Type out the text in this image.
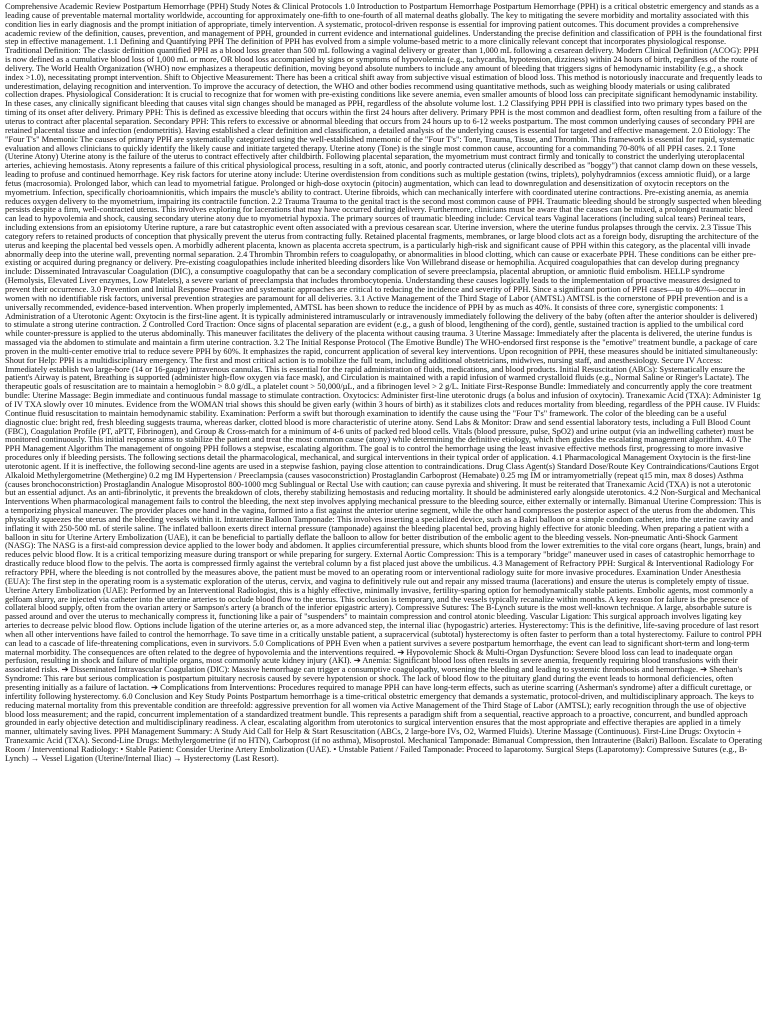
Comprehensive Academic Review Postpartum Hemorrhage (PPH) Study Notes & Clinical Protocols 1.0 Introduction to Postpartum Hemorrhage Postpartum Hemorrhage (PPH) is a critical obstetric emergency and stands as a leading cause of preventable maternal mortality worldwide, accounting for approximately one-fifth to one-fourth of all maternal deaths globally. The key to mitigating the severe morbidity and mortality associated with this condition lies in early diagnosis and the prompt initiation of appropriate, timely intervention. A systematic, protocol-driven response is essential for improving patient outcomes. This document provides a comprehensive academic review of the definition, causes, prevention, and management of PPH, grounded in current evidence and international guidelines. Understanding the precise definition and classification of PPH is the foundational first step in effective management. 1.1 Defining and Quantifying PPH The definition of PPH has evolved from a simple volume-based metric to a more clinically relevant concept that incorporates physiological response. Traditional Definition: The classic definition quantified PPH as a blood loss greater than 500 mL following a vaginal delivery or greater than 1,000 mL following a cesarean delivery. Modern Clinical Definition (ACOG): PPH is now defined as a cumulative blood loss of 1,000 mL or more, OR blood loss accompanied by signs or symptoms of hypovolemia (e.g., tachycardia, hypotension, dizziness) within 24 hours of birth, regardless of the route of delivery. The World Health Organization (WHO) now emphasizes a therapeutic definition, moving beyond absolute numbers to include any amount of bleeding that triggers signs of hemodynamic instability (e.g., a shock index >1.0), necessitating prompt intervention. Shift to Objective Measurement: There has been a critical shift away from subjective visual estimation of blood loss. This method is notoriously inaccurate and frequently leads to underestimation, delaying recognition and intervention. To improve the accuracy of detection, the WHO and other bodies recommend using quantitative methods, such as weighing bloody materials or using calibrated collection drapes. Physiological Consideration: It is crucial to recognize that for women with pre-existing conditions like severe anemia, even smaller amounts of blood loss can precipitate significant hemodynamic instability. In these cases, any clinically significant bleeding that causes vital sign changes should be managed as PPH, regardless of the absolute volume lost. 1.2 Classifying PPH PPH is classified into two primary types based on the timing of its onset after delivery. Primary PPH: This is defined as excessive bleeding that occurs within the first 24 hours after delivery. Primary PPH is the most common and deadliest form, often resulting from a failure of the uterus to contract after placental separation. Secondary PPH: This refers to excessive or abnormal bleeding that occurs from 24 hours up to 6-12 weeks postpartum. The most common underlying causes of secondary PPH are retained placental tissue and infection (endometritis). Having established a clear definition and classification, a detailed analysis of the underlying causes is essential for targeted and effective management. 2.0 Etiology: The "Four T's" Mnemonic The causes of primary PPH are systematically categorized using the well-established mnemonic of the "Four T's": Tone, Trauma, Tissue, and Thrombin. This framework is essential for rapid, systematic evaluation and allows clinicians to quickly identify the likely cause and initiate targeted therapy. Uterine atony (Tone) is the single most common cause, accounting for a commanding 70-80% of all PPH cases. 2.1 Tone (Uterine Atony) Uterine atony is the failure of the uterus to contract effectively after childbirth. Following placental separation, the myometrium must contract firmly and tonically to constrict the underlying uteroplacental arteries, achieving hemostasis. Atony represents a failure of this critical physiological process, resulting in a soft, atonic, and poorly contracted uterus (clinically described as "boggy") that cannot clamp down on these vessels, leading to profuse and continued hemorrhage. Key risk factors for uterine atony include: Uterine overdistension from conditions such as multiple gestation (twins, triplets), polyhydramnios (excess amniotic fluid), or a large fetus (macrosomia). Prolonged labor, which can lead to myometrial fatigue. Prolonged or high-dose oxytocin (pitocin) augmentation, which can lead to downregulation and desensitization of oxytocin receptors on the myometrium. Infection, specifically chorioamnionitis, which impairs the muscle's ability to contract. Uterine fibroids, which can mechanically interfere with coordinated uterine contractions. Pre-existing anemia, as anemia reduces oxygen delivery to the myometrium, impairing its contractile function. 2.2 Trauma Trauma to the genital tract is the second most common cause of PPH. Traumatic bleeding should be strongly suspected when bleeding persists despite a firm, well-contracted uterus. This involves exploring for lacerations that may have occurred during delivery. Furthermore, clinicians must be aware that the causes can be mixed, a prolonged traumatic bleed can lead to hypovolemia and shock, causing secondary uterine atony due to myometrial hypoxia. The primary sources of traumatic bleeding include: Cervical tears Vaginal lacerations (including sulcal tears) Perineal tears, including extensions from an episiotomy Uterine rupture, a rare but catastrophic event often associated with a previous cesarean scar. Uterine inversion, where the uterine fundus prolapses through the cervix. 2.3 Tissue This category refers to retained products of conception that physically prevent the uterus from contracting fully. Retained placental fragments, membranes, or large blood clots act as a foreign body, disrupting the architecture of the uterus and keeping the placental bed vessels open. A morbidly adherent placenta, known as placenta accreta spectrum, is a particularly high-risk and significant cause of PPH within this category, as the placental villi invade abnormally deep into the uterine wall, preventing normal separation. 2.4 Thrombin Thrombin refers to coagulopathy, or abnormalities in blood clotting, which can cause or exacerbate PPH. These conditions can be either pre-existing or acquired during pregnancy or delivery. Pre-existing coagulopathies include inherited bleeding disorders like Von Willebrand disease or hemophilia. Acquired coagulopathies that can develop during pregnancy include: Disseminated Intravascular Coagulation (DIC), a consumptive coagulopathy that can be a secondary complication of severe preeclampsia, placental abruption, or amniotic fluid embolism. HELLP syndrome (Hemolysis, Elevated Liver enzymes, Low Platelets), a severe variant of preeclampsia that includes thrombocytopenia. Understanding these causes logically leads to the implementation of proactive measures designed to prevent their occurrence. 3.0 Prevention and Initial Response Proactive and systematic approaches are critical to reducing the incidence and severity of PPH. Since a significant portion of PPH cases—up to 40%—occur in women with no identifiable risk factors, universal prevention strategies are paramount for all deliveries. 3.1 Active Management of the Third Stage of Labor (AMTSL) AMTSL is the cornerstone of PPH prevention and is a universally recommended, evidence-based intervention. When properly implemented, AMTSL has been shown to reduce the incidence of PPH by as much as 40%. It consists of three core, synergistic components: 1 Administration of a Uterotonic Agent: Oxytocin is the first-line agent. It is typically administered intramuscularly or intravenously immediately following the delivery of the baby (often after the anterior shoulder is delivered) to stimulate a strong uterine contraction. 2 Controlled Cord Traction: Once signs of placental separation are evident (e.g., a gush of blood, lengthening of the cord), gentle, sustained traction is applied to the umbilical cord while counter-pressure is applied to the uterus abdominally. This maneuver facilitates the delivery of the placenta without causing trauma. 3 Uterine Massage: Immediately after the placenta is delivered, the uterine fundus is massaged via the abdomen to stimulate and maintain a firm uterine contraction. 3.2 The Initial Response Protocol (The Emotive Bundle) The WHO-endorsed first response is the "emotive" treatment bundle, a package of care proven in the multi-center emotive trial to reduce severe PPH by 60%. It emphasizes the rapid, concurrent application of several key interventions. Upon recognition of PPH, these measures should be initiated simultaneously: Shout for Help: PPH is a multidisciplinary emergency. The first and most critical action is to mobilize the full team, including additional obstetricians, midwives, nursing staff, and anesthesiology. Secure IV Access: Immediately establish two large-bore (14 or 16-gauge) intravenous cannulas. This is essential for the rapid administration of fluids, medications, and blood products. Initial Resuscitation (ABCs): Systematically ensure the patient's Airway is patent, Breathing is supported (administer high-flow oxygen via face mask), and Circulation is maintained with a rapid infusion of warmed crystalloid fluids (e.g., Normal Saline or Ringer's Lactate). The therapeutic goals of resuscitation are to maintain a hemoglobin > 8.0 g/dL, a platelet count > 50,000/µL, and a fibrinogen level > 2 g/L. Initiate First-Response Bundle: Immediately and concurrently apply the core treatment bundle: Uterine Massage: Begin immediate and continuous fundal massage to stimulate contraction. Oxytocics: Administer first-line uterotonic drugs (a bolus and infusion of oxytocin). Tranexamic Acid (TXA): Administer 1g of IV TXA slowly over 10 minutes. Evidence from the WOMAN trial shows this should be given early (within 3 hours of birth) as it stabilizes clots and reduces mortality from bleeding, regardless of the PPH cause. IV Fluids: Continue fluid resuscitation to maintain hemodynamic stability. Examination: Perform a swift but thorough examination to identify the cause using the "Four T's" framework. The color of the bleeding can be a useful diagnostic clue: bright red, fresh bleeding suggests trauma, whereas darker, clotted blood is more characteristic of uterine atony. Send Labs & Monitor: Draw and send essential laboratory tests, including a Full Blood Count (FBC), Coagulation Profile (PT, aPTT, Fibrinogen), and Group & Cross-match for a minimum of 4-6 units of packed red blood cells. Vitals (blood pressure, pulse, SpO2) and urine output (via an indwelling catheter) must be monitored continuously. This initial response aims to stabilize the patient and treat the most common cause (atony) while determining the definitive etiology, which then guides the escalating management algorithm. 4.0 The PPH Management Algorithm The management of ongoing PPH follows a stepwise, escalating algorithm. The goal is to control the hemorrhage using the least invasive effective methods first, progressing to more invasive procedures only if bleeding persists. The following sections detail the pharmacological, mechanical, and surgical interventions in their typical order of application. 4.1 Pharmacological Management Oxytocin is the first-line uterotonic agent. If it is ineffective, the following second-line agents are used in a stepwise fashion, paying close attention to contraindications. Drug Class Agent(s) Standard Dose/Route Key Contraindications/Cautions Ergot Alkaloid Methylergometrine (Methergine) 0.2 mg IM Hypertension / Preeclampsia (causes vasoconstriction) Prostaglandin Carboprost (Hemabate) 0.25 mg IM or intramyometrially (repeat q15 min, max 8 doses) Asthma (causes bronchoconstriction) Prostaglandin Analogue Misoprostol 800-1000 mcg Sublingual or Rectal Use with caution; can cause pyrexia and shivering. It must be reiterated that Tranexamic Acid (TXA) is not a uterotonic but an essential adjunct. As an anti-fibrinolytic, it prevents the breakdown of clots, thereby stabilizing hemostasis and reducing mortality. It should be administered early alongside uterotonics. 4.2 Non-Surgical and Mechanical Interventions When pharmacological management fails to control the bleeding, the next step involves applying mechanical pressure to the bleeding source, either externally or internally. Bimanual Uterine Compression: This is a temporizing physical maneuver. The provider places one hand in the vagina, formed into a fist against the anterior uterine segment, while the other hand compresses the posterior aspect of the uterus from the abdomen. This physically squeezes the uterus and the bleeding vessels within it. Intrauterine Balloon Tamponade: This involves inserting a specialized device, such as a Bakri balloon or a simple condom catheter, into the uterine cavity and inflating it with 250-500 mL of sterile saline. The inflated balloon exerts direct internal pressure (tamponade) against the bleeding placental bed, proving highly effective for atonic bleeding. When preparing a patient with a balloon in situ for Uterine Artery Embolization (UAE), it can be beneficial to partially deflate the balloon to allow for better distribution of the embolic agent to the bleeding vessels. Non-pneumatic Anti-Shock Garment (NASG): The NASG is a first-aid compression device applied to the lower body and abdomen. It applies circumferential pressure, which shunts blood from the lower extremities to the vital core organs (heart, lungs, brain) and reduces pelvic blood flow. It is a critical temporizing measure during transport or while preparing for surgery. External Aortic Compression: This is a temporary "bridge" maneuver used in cases of catastrophic hemorrhage to drastically reduce blood flow to the pelvis. The aorta is compressed firmly against the vertebral column by a fist placed just above the umbilicus. 4.3 Management of Refractory PPH: Surgical & Interventional Radiology For refractory PPH, where the bleeding is not controlled by the measures above, the patient must be moved to an operating room or interventional radiology suite for more invasive procedures. Examination Under Anesthesia (EUA): The first step in the operating room is a systematic exploration of the uterus, cervix, and vagina to definitively rule out and repair any missed trauma (lacerations) and ensure the uterus is completely empty of tissue. Uterine Artery Embolization (UAE): Performed by an Interventional Radiologist, this is a highly effective, minimally invasive, fertility-sparing option for hemodynamically stable patients. Embolic agents, most commonly a gelfoam slurry, are injected via catheter into the uterine arteries to occlude blood flow to the uterus. This occlusion is temporary, and the vessels typically recanalize within months. A key reason for failure is the presence of collateral blood supply, often from the ovarian artery or Sampson's artery (a branch of the inferior epigastric artery). Compressive Sutures: The B-Lynch suture is the most well-known technique. A large, absorbable suture is passed around and over the uterus to mechanically compress it, functioning like a pair of "suspenders" to maintain compression and control atonic bleeding. Vascular Ligation: This surgical approach involves ligating key arteries to decrease pelvic blood flow. Options include ligation of the uterine arteries or, as a more advanced step, the internal iliac (hypogastric) arteries. Hysterectomy: This is the definitive, life-saving procedure of last resort when all other interventions have failed to control the hemorrhage. To save time in a critically unstable patient, a supracervical (subtotal) hysterectomy is often faster to perform than a total hysterectomy. Failure to control PPH can lead to a cascade of life-threatening complications, even in survivors. 5.0 Complications of PPH Even when a patient survives a severe postpartum hemorrhage, the event can lead to significant short-term and long-term maternal morbidity. The consequences are often related to the degree of hypovolemia and the interventions required. ➔ Hypovolemic Shock & Multi-Organ Dysfunction: Severe blood loss can lead to inadequate organ perfusion, resulting in shock and failure of multiple organs, most commonly acute kidney injury (AKI). ➔ Anemia: Significant blood loss often results in severe anemia, frequently requiring blood transfusions with their associated risks. ➔ Disseminated Intravascular Coagulation (DIC): Massive hemorrhage can trigger a consumptive coagulopathy, worsening the bleeding and leading to systemic thrombosis and hemorrhage. ➔ Sheehan's Syndrome: This rare but serious complication is postpartum pituitary necrosis caused by severe hypotension or shock. The lack of blood flow to the pituitary gland during the event leads to hormonal deficiencies, often presenting initially as a failure of lactation. ➔ Complications from Interventions: Procedures required to manage PPH can have long-term effects, such as uterine scarring (Asherman's syndrome) after a difficult curettage, or infertility following hysterectomy. 6.0 Conclusion and Key Study Points Postpartum hemorrhage is a time-critical obstetric emergency that demands a systematic, protocol-driven, and multidisciplinary approach. The keys to reducing maternal mortality from this preventable condition are threefold: aggressive prevention for all women via Active Management of the Third Stage of Labor (AMTSL); early recognition through the use of objective blood loss measurement; and the rapid, concurrent implementation of a standardized treatment bundle. This represents a paradigm shift from a sequential, reactive approach to a proactive, concurrent, and bundled approach grounded in early objective detection and multidisciplinary readiness. A clear, escalating algorithm from uterotonics to surgical intervention ensures that the most appropriate and effective therapies are applied in a timely manner, ultimately saving lives. PPH Management Summary: A Study Aid Call for Help & Start Resuscitation (ABCs, 2 large-bore IVs, O2, Warmed Fluids). Uterine Massage (Continuous). First-Line Drugs: Oxytocin + Tranexamic Acid (TXA). Second-Line Drugs: Methylergometrine (if no HTN), Carboprost (if no asthma), Misoprostol. Mechanical Tamponade: Bimanual Compression, then Intrauterine (Bakri) Balloon. Escalate to Operating Room / Interventional Radiology: • Stable Patient: Consider Uterine Artery Embolization (UAE). • Unstable Patient / Failed Tamponade: Proceed to laparotomy. Surgical Steps (Laparotomy): Compressive Sutures (e.g., B-Lynch) → Vessel Ligation (Uterine/Internal Iliac) → Hysterectomy (Last Resort).
